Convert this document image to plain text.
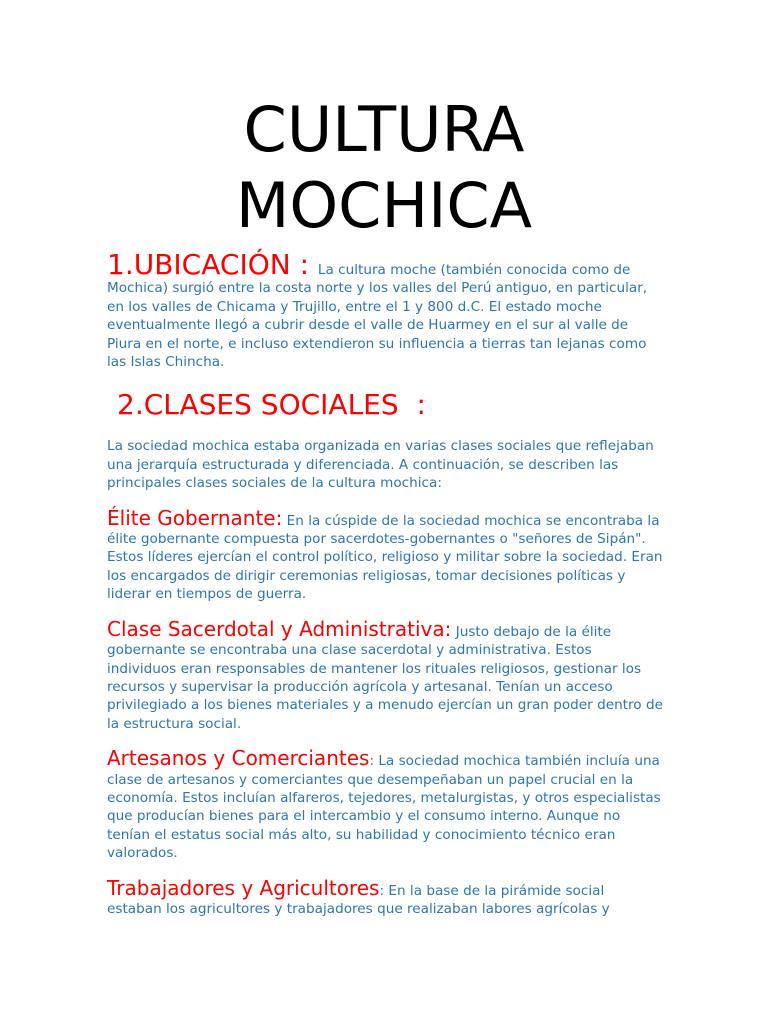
CULTURA
MOCHICA

1.UBICACIÓN : La cultura moche (también conocida como de Mochica) surgió entre la costa norte y los valles del Perú antiguo, en particular, en los valles de Chicama y Trujillo, entre el 1 y 800 d.C. El estado moche eventualmente llegó a cubrir desde el valle de Huarmey en el sur al valle de Piura en el norte, e incluso extendieron su influencia a tierras tan lejanas como las Islas Chincha.

2.CLASES SOCIALES  :

La sociedad mochica estaba organizada en varias clases sociales que reflejaban una jerarquía estructurada y diferenciada. A continuación, se describen las principales clases sociales de la cultura mochica:

Élite Gobernante: En la cúspide de la sociedad mochica se encontraba la élite gobernante compuesta por sacerdotes-gobernantes o "señores de Sipán". Estos líderes ejercían el control político, religioso y militar sobre la sociedad. Eran los encargados de dirigir ceremonias religiosas, tomar decisiones políticas y liderar en tiempos de guerra.

Clase Sacerdotal y Administrativa: Justo debajo de la élite gobernante se encontraba una clase sacerdotal y administrativa. Estos individuos eran responsables de mantener los rituales religiosos, gestionar los recursos y supervisar la producción agrícola y artesanal. Tenían un acceso privilegiado a los bienes materiales y a menudo ejercían un gran poder dentro de la estructura social.

Artesanos y Comerciantes: La sociedad mochica también incluía una clase de artesanos y comerciantes que desempeñaban un papel crucial en la economía. Estos incluían alfareros, tejedores, metalurgistas, y otros especialistas que producían bienes para el intercambio y el consumo interno. Aunque no tenían el estatus social más alto, su habilidad y conocimiento técnico eran valorados.

Trabajadores y Agricultores: En la base de la pirámide social estaban los agricultores y trabajadores que realizaban labores agrícolas y
